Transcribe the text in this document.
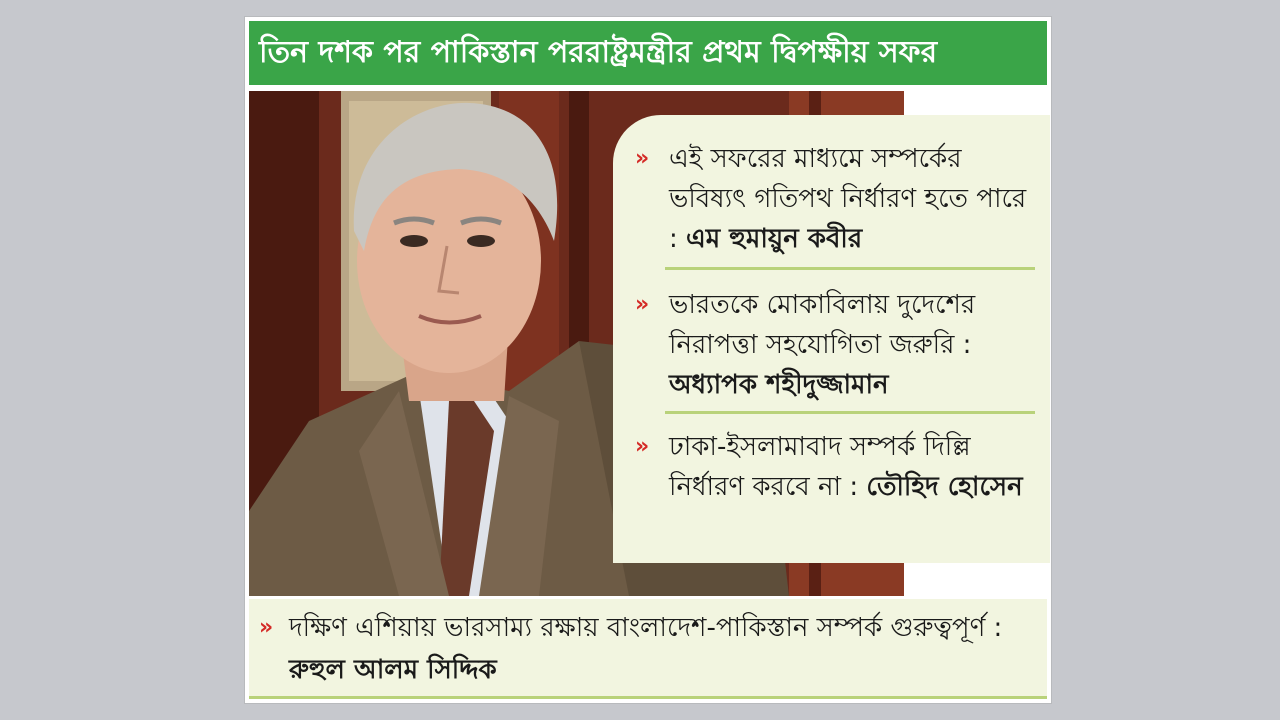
তিন দশক পর পাকিস্তান পররাষ্ট্রমন্ত্রীর প্রথম দ্বিপক্ষীয় সফর
» এই সফরের মাধ্যমে সম্পর্কের ভবিষ্যৎ গতিপথ নির্ধারণ হতে পারে : এম হুমায়ুন কবীর
» ভারতকে মোকাবিলায় দুদেশের নিরাপত্তা সহযোগিতা জরুরি : অধ্যাপক শহীদুজ্জামান
» ঢাকা-ইসলামাবাদ সম্পর্ক দিল্লি নির্ধারণ করবে না : তৌহিদ হোসেন
» দক্ষিণ এশিয়ায় ভারসাম্য রক্ষায় বাংলাদেশ-পাকিস্তান সম্পর্ক গুরুত্বপূর্ণ : রুহুল আলম সিদ্দিক
